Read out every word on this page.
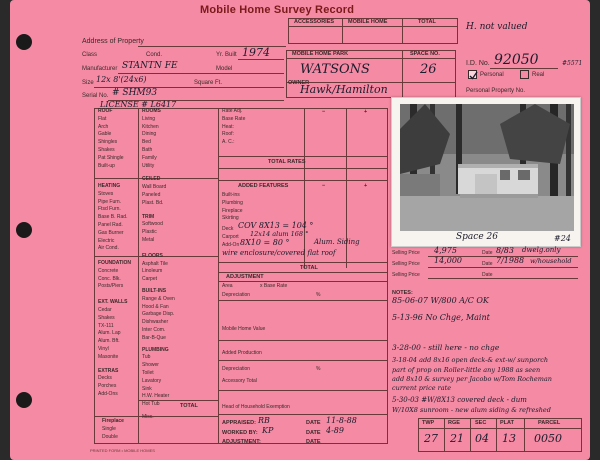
Mobile Home Survey Record
ACCESSORIES	MOBILE HOME	TOTAL	H. not valued
Address of Property
Class	Cond.	Yr. Built 1974
Manufacturer STANTN FE	Model
Size 12x 8'(24x6)	Square Ft.
Serial No. # SHM93
LICENSE # L6417
MOBILE HOME PARK	SPACE NO.
WATSONS	26
OWNER
Hawk/Hamilton
I.D. No. 92050	#5571
Personal	Real
Personal Property No.
ROOF
Flat
Arch
Gable
Shingles
Shakes
Pat Shingle
Built-up
HEATING
Stoves
Pipe Furn.
Ftsd Furn.
Base B. Rad.
Panel Rad.
Gas Burner
Electric
Air Cond.
FOUNDATION
Concrete
Conc. Blk.
Posts/Piers
EXT. WALLS
Cedar
Shakes
TX-111
Alum. Lap
Alum. Bft.
Vinyl
Masonite
EXTRAS
Decks
Porches
Add-Ons
Fireplace
Single
Double
ROOMS
Living
Kitchen
Dining
Bed
Bath
Family
Utility
CEILED
Wall Board
Paneled
Plast. Bd.
TRIM
Softwood
Plastic
Metal
FLOORS
Asphalt Tile
Linoleum
Carpet
BUILT-INS
Range & Oven
Hood & Fan
Garbage Disp.
Dishwasher
Inter Com.
Bar-B-Que
PLUMBING
Tub
Shower
Toilet
Lavatory
Sink
H.W. Heater
Hot Tub	TOTAL
Misc.
Rate Adj.
Base Rate
Heat:
Roof:
A. C.:
−	+
TOTAL RATES
ADDED FEATURES	−	+
Built-ins
Plumbing
Fireplace
Skirting
Deck COV 8X13 = 104 °
Carport 12x14 alum 168 °
Add-On 8X10 = 80 °	Alum. Siding
wire enclosure/covered flat roof
TOTAL
ADJUSTMENT
Area	x Base Rate
Depreciation	%
Mobile Home Value
Added Production
Depreciation	%
Accessory Total
Head of Household Exemption
APPRAISED: RB	DATE 11-8-88
WORKED BY: KP	DATE 4-89
ADJUSTMENT:	DATE
Space 26	#24
Selling Price 4,975	Date 8/83 dwelg.only
Selling Price 14,000	Date 7/1988 w/household
Selling Price	Date
NOTES:
85-06-07 W/800 A/C OK
5-13-96 No Chge, Maint
3-28-00 - still here - no chge
3-18-04 add 8x16 open deck-& ext-w/ sunporch
part of prop on Roller-little any 1988 as seen
add 8x10 & survey per Jacobo w/Tom Rocheman
current price rate
5-30-03 #W/8X13 covered deck - dum
W/10X8 sunroom - new alum siding & refreshed
TWP	RGE	SEC PLAT	PARCEL
27 21 04 13 0050
PRINTED FORM • MOBILE HOMES
